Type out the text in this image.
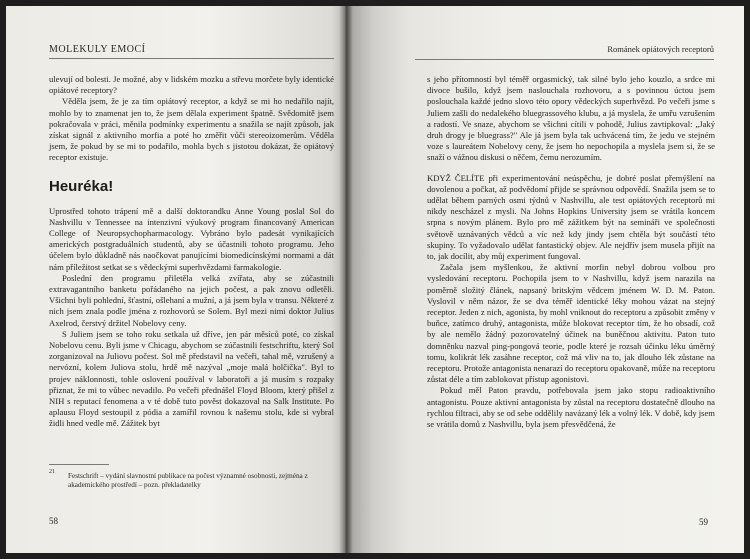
MOLEKULY EMOCÍ

ulevují od bolesti. Je možné, aby v lidském mozku a střevu morčete byly identické opiátové receptory?

Věděla jsem, že je za tím opiátový receptor, a když se mi ho nedařilo najít, mohlo by to znamenat jen to, že jsem dělala experiment špatně. Svědomitě jsem pokračovala v práci, měnila podmínky experimentu a snažila se najít způsob, jak získat signál z aktivního morfia a poté ho změřit vůči stereoizomerům. Věděla jsem, že pokud by se mi to podařilo, mohla bych s jistotou dokázat, že opiátový receptor existuje.

Heuréka!

Uprostřed tohoto trápení mě a další doktorandku Anne Young poslal Sol do Nashvillu v Tennessee na intenzivní výukový program financovaný American College of Neuropsychopharmacology. Vybráno bylo padesát vynikajících amerických postgraduálních studentů, aby se účastnili tohoto programu. Jeho účelem bylo důkladně nás naočkovat panujícími biomedicínskými normami a dát nám příležitost setkat se s vědeckými superhvězdami farmakologie.

Poslední den programu přiletěla velká zvířata, aby se zúčastnili extravagantního banketu pořádaného na jejich počest, a pak znovu odletěli. Všichni byli pohlední, šťastní, ošlehaní a mužní, a já jsem byla v transu. Některé z nich jsem znala podle jména z rozhovorů se Solem. Byl mezi nimi doktor Julius Axelrod, čerstvý držitel Nobelovy ceny.

S Juliem jsem se toho roku setkala už dříve, jen pár měsíců poté, co získal Nobelovu cenu. Byli jsme v Chicagu, abychom se zúčastnili festschriftu, který Sol zorganizoval na Juliovu počest. Sol mě představil na večeři, tahal mě, vzrušený a nervózní, kolem Juliova stolu, hrdě mě nazýval „moje malá holčička". Byl to projev náklonnosti, tohle oslovení používal v laboratoři a já musím s rozpaky přiznat, že mi to vůbec nevadilo. Po večeři přednášel Floyd Bloom, který přišel z NIH s reputací fenomena a v té době tuto pověst dokazoval na Salk Institute. Po aplausu Floyd sestoupil z pódia a zamířil rovnou k našemu stolu, kde si vybral židli hned vedle mě. Zážitek byt

$^{21}$ Festschrift – vydání slavnostní publikace na počest významné osobnosti, zejména z akademického prostředí – pozn. překladatelky
58
Románek opiátových receptorů

s jeho přítomností byl téměř orgasmický, tak silné bylo jeho kouzlo, a srdce mi divoce bušilo, když jsem naslouchala rozhovoru, a s povinnou úctou jsem poslouchala každé jedno slovo této opory vědeckých superhvězd. Po večeři jsme s Juliem zašli do nedalekého bluegrassového klubu, a já myslela, že umřu vzrušením a radostí. Ve snaze, abychom se všichni cítili v pohodě, Julius zavtipkoval: „Jaký druh drogy je bluegrass?" Ale já jsem byla tak uchvácená tím, že jedu ve stejném voze s laureátem Nobelovy ceny, že jsem ho nepochopila a myslela jsem si, že se snaží o vážnou diskusi o něčem, čemu nerozumím.

KDYŽ ČELÍTE při experimentování neúspěchu, je dobré poslat přemýšlení na dovolenou a počkat, až podvědomí přijde se správnou odpovědí. Snažila jsem se to udělat během parných osmi týdnů v Nashvillu, ale test opiátových receptorů mi nikdy nescházel z mysli. Na Johns Hopkins University jsem se vrátila koncem srpna s novým plánem. Bylo pro mě zážitkem být na semináři ve společnosti světově uznávaných vědců a víc než kdy jindy jsem chtěla být součástí této skupiny. To vyžadovalo udělat fantastický objev. Ale nejdřív jsem musela přijít na to, jak docílit, aby můj experiment fungoval.

Začala jsem myšlenkou, že aktivní morfin nebyl dobrou volbou pro vysledování receptoru. Pochopila jsem to v Nashvillu, když jsem narazila na poměrně složitý článek, napsaný britským vědcem jménem W. D. M. Paton. Vyslovil v něm názor, že se dva téměř identické léky mohou vázat na stejný receptor. Jeden z nich, agonista, by mohl vniknout do receptoru a způsobit změny v buňce, zatímco druhý, antagonista, může blokovat receptor tím, že ho obsadí, což by ale nemělo žádný pozorovatelný účinek na buněčnou aktivitu. Paton tuto domněnku nazval ping-pongová teorie, podle které je rozsah účinku léku úměrný tomu, kolikrát lék zasáhne receptor, což má vliv na to, jak dlouho lék zůstane na receptoru. Protože antagonista nenarazí do receptoru opakovaně, může na receptoru zůstat déle a tím zablokovat přístup agonistovi.

Pokud měl Paton pravdu, potřebovala jsem jako stopu radioaktivního antagonistu. Pouze aktivní antagonista by zůstal na receptoru dostatečně dlouho na rychlou filtraci, aby se od sebe oddělily navázaný lék a volný lék. V době, kdy jsem se vrátila domů z Nashvillu, byla jsem přesvědčená, že

59
